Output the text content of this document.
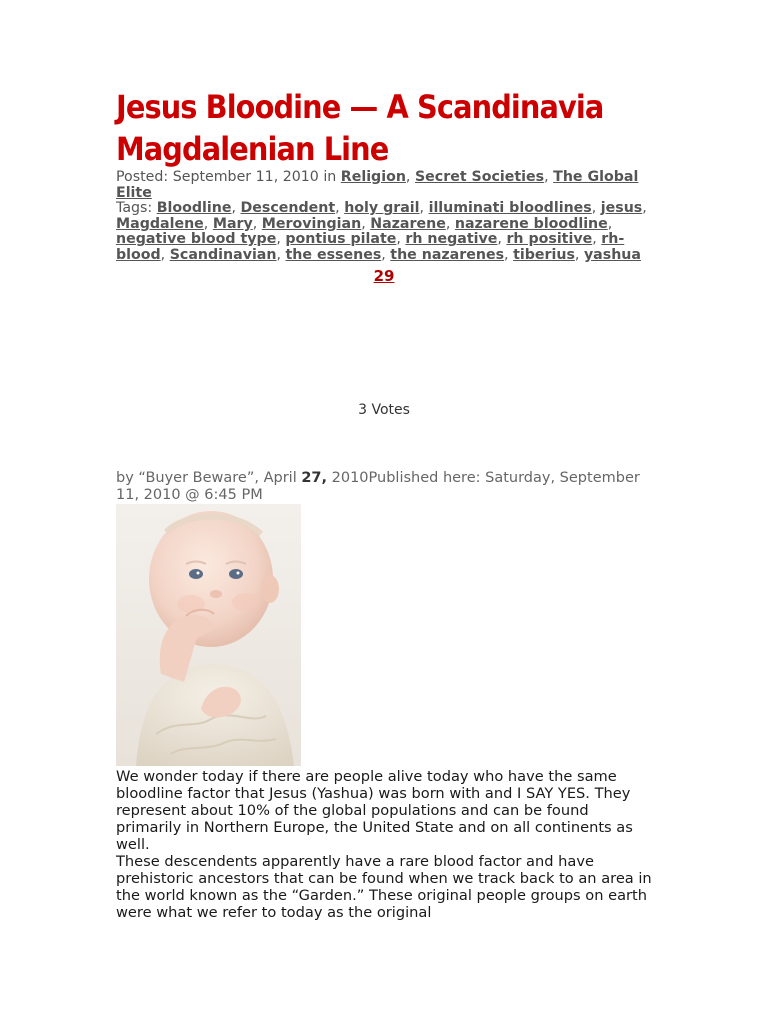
Jesus Bloodine — A Scandinavia Magdalenian Line

Posted: September 11, 2010 in Religion, Secret Societies, The Global Elite

Tags: Bloodline, Descendent, holy grail, illuminati bloodlines, jesus, Magdalene, Mary, Merovingian, Nazarene, nazarene bloodline, negative blood type, pontius pilate, rh negative, rh positive, rh-blood, Scandinavian, the essenes, the nazarenes, tiberius, yashua

29
3 Votes
by “Buyer Beware”, April 27, 2010Published here: Saturday, September 11, 2010 @ 6:45 PM

We wonder today if there are people alive today who have the same bloodline factor that Jesus (Yashua) was born with and I SAY YES. They represent about 10% of the global populations and can be found primarily in Northern Europe, the United State and on all continents as well.

These descendents apparently have a rare blood factor and have prehistoric ancestors that can be found when we track back to an area in the world known as the “Garden.” These original people groups on earth were what we refer to today as the original
